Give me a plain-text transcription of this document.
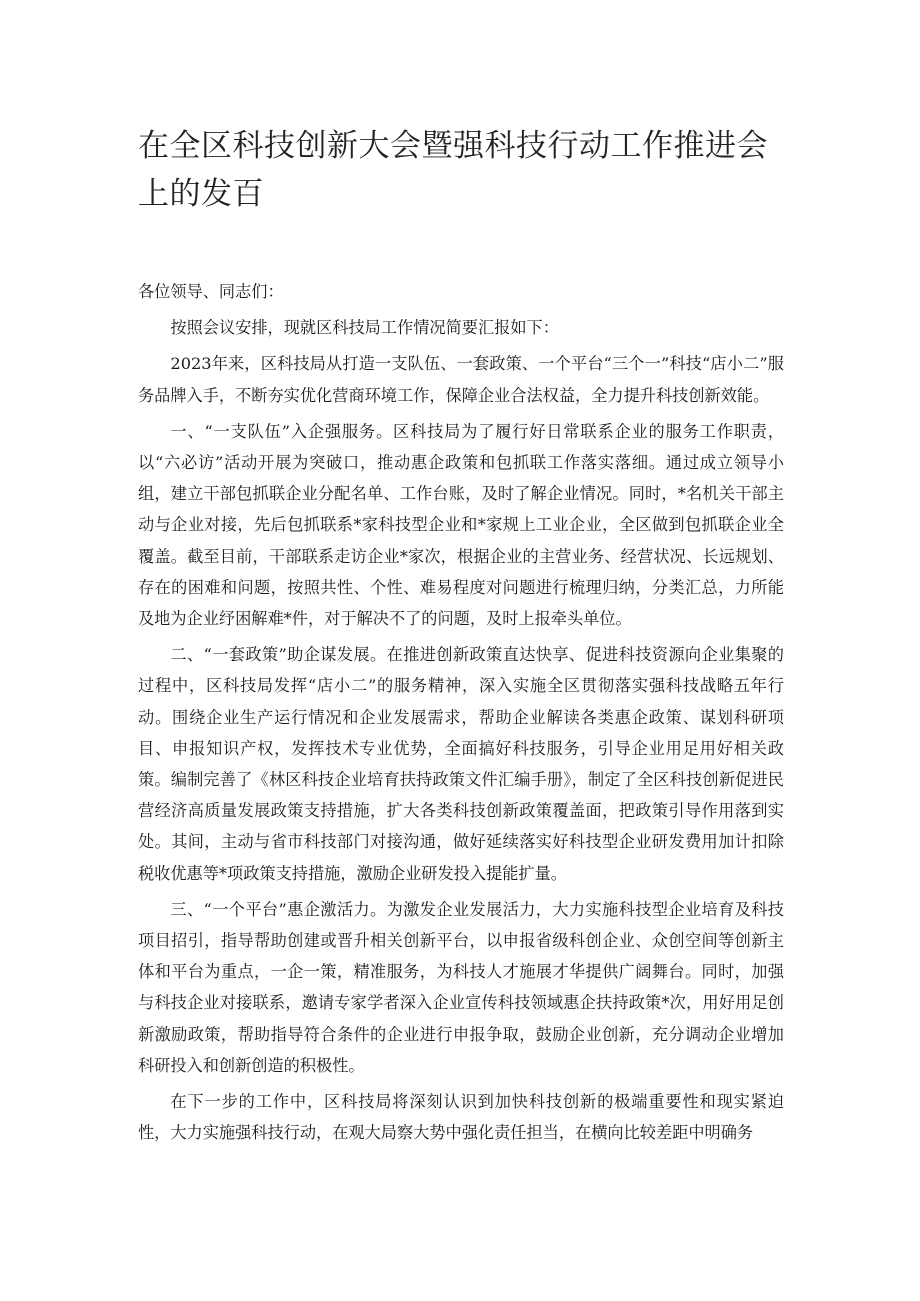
在全区科技创新大会暨强科技行动工作推进会上的发百

各位领导、同志们：

按照会议安排，现就区科技局工作情况简要汇报如下：

2023年来，区科技局从打造一支队伍、一套政策、一个平台“三个一”科技“店小二”服务品牌入手，不断夯实优化营商环境工作，保障企业合法权益，全力提升科技创新效能。

一、“一支队伍”入企强服务。区科技局为了履行好日常联系企业的服务工作职责，以“六必访”活动开展为突破口，推动惠企政策和包抓联工作落实落细。通过成立领导小组，建立干部包抓联企业分配名单、工作台账，及时了解企业情况。同时，*名机关干部主动与企业对接，先后包抓联系*家科技型企业和*家规上工业企业，全区做到包抓联企业全覆盖。截至目前，干部联系走访企业*家次，根据企业的主营业务、经营状况、长远规划、存在的困难和问题，按照共性、个性、难易程度对问题进行梳理归纳，分类汇总，力所能及地为企业纾困解难*件，对于解决不了的问题，及时上报牵头单位。

二、“一套政策”助企谋发展。在推进创新政策直达快享、促进科技资源向企业集聚的过程中，区科技局发挥“店小二”的服务精神，深入实施全区贯彻落实强科技战略五年行动。围绕企业生产运行情况和企业发展需求，帮助企业解读各类惠企政策、谋划科研项目、申报知识产权，发挥技术专业优势，全面搞好科技服务，引导企业用足用好相关政策。编制完善了《林区科技企业培育扶持政策文件汇编手册》，制定了全区科技创新促进民营经济高质量发展政策支持措施，扩大各类科技创新政策覆盖面，把政策引导作用落到实处。其间，主动与省市科技部门对接沟通，做好延续落实好科技型企业研发费用加计扣除税收优惠等*项政策支持措施，激励企业研发投入提能扩量。

三、“一个平台”惠企激活力。为激发企业发展活力，大力实施科技型企业培育及科技项目招引，指导帮助创建或晋升相关创新平台，以申报省级科创企业、众创空间等创新主体和平台为重点，一企一策，精准服务，为科技人才施展才华提供广阔舞台。同时，加强与科技企业对接联系，邀请专家学者深入企业宣传科技领域惠企扶持政策*次，用好用足创新激励政策，帮助指导符合条件的企业进行申报争取，鼓励企业创新，充分调动企业增加科研投入和创新创造的积极性。

在下一步的工作中，区科技局将深刻认识到加快科技创新的极端重要性和现实紧迫性，大力实施强科技行动，在观大局察大势中强化责任担当，在横向比较差距中明确务
